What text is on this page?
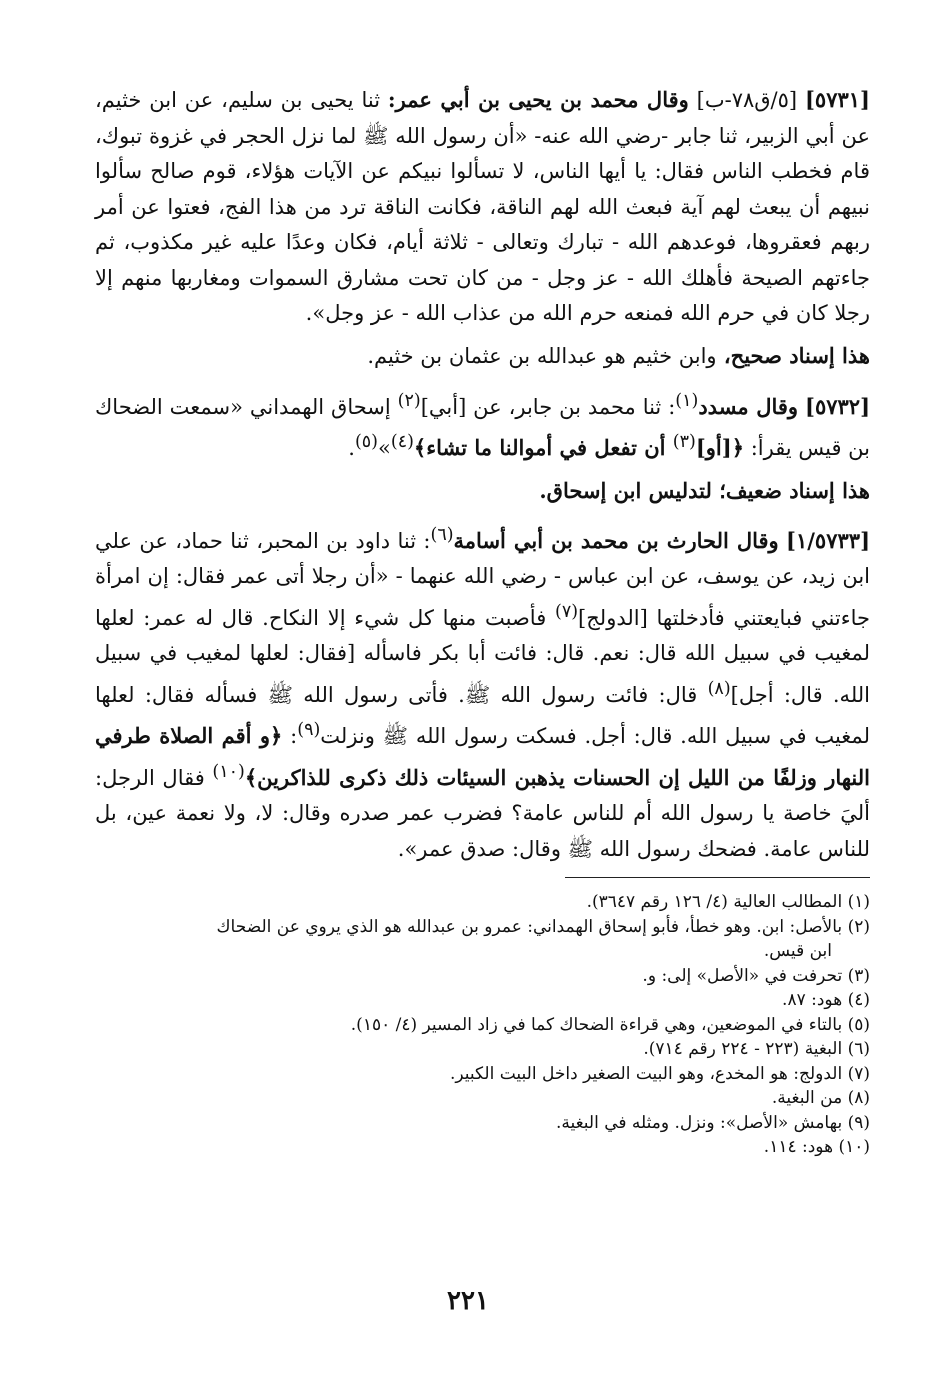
[٥٧٣١] [٥/ق٧٨-ب] وقال محمد بن يحيى بن أبي عمر: ثنا يحيى بن سليم، عن ابن خثيم، عن أبي الزبير، ثنا جابر -رضي الله عنه- «أن رسول الله ﷺ لما نزل الحجر في غزوة تبوك، قام فخطب الناس فقال: يا أيها الناس، لا تسألوا نبيكم عن الآيات هؤلاء، قوم صالح سألوا نبيهم أن يبعث لهم آية فبعث الله لهم الناقة، فكانت الناقة ترد من هذا الفج، فعتوا عن أمر ربهم فعقروها، فوعدهم الله - تبارك وتعالى - ثلاثة أيام، فكان وعدًا عليه غير مكذوب، ثم جاءتهم الصيحة فأهلك الله - عز وجل - من كان تحت مشارق السموات ومغاربها منهم إلا رجلا كان في حرم الله فمنعه حرم الله من عذاب الله - عز وجل».

هذا إسناد صحيح، وابن خثيم هو عبدالله بن عثمان بن خثيم.

[٥٧٣٢] وقال مسدد$^{(١)}$: ثنا محمد بن جابر، عن [أبي]$^{(٢)}$ إسحاق الهمداني «سمعت الضحاك بن قيس يقرأ: ﴿[أو]$^{(٣)}$ أن تفعل في أموالنا ما تشاء﴾$^{(٤)}$»$^{(٥)}$.

هذا إسناد ضعيف؛ لتدليس ابن إسحاق.

[١/٥٧٣٣] وقال الحارث بن محمد بن أبي أسامة$^{(٦)}$: ثنا داود بن المحبر، ثنا حماد، عن علي ابن زيد، عن يوسف، عن ابن عباس - رضي الله عنهما - «أن رجلا أتى عمر فقال: إن امرأة جاءتني فبايعتني فأدخلتها [الدولج]$^{(٧)}$ فأصبت منها كل شيء إلا النكاح. قال له عمر: لعلها لمغيب في سبيل الله قال: نعم. قال: فائت أبا بكر فاسأله [فقال: لعلها لمغيب في سبيل الله. قال: أجل]$^{(٨)}$ قال: فائت رسول الله ﷺ. فأتى رسول الله ﷺ فسأله فقال: لعلها لمغيب في سبيل الله. قال: أجل. فسكت رسول الله ﷺ ونزلت$^{(٩)}$: ﴿و أقم الصلاة طرفي النهار وزلفًا من الليل إن الحسنات يذهبن السيئات ذلك ذكرى للذاكرين﴾$^{(١٠)}$ فقال الرجل: أليَ خاصة يا رسول الله أم للناس عامة؟ فضرب عمر صدره وقال: لا، ولا نعمة عين، بل للناس عامة. فضحك رسول الله ﷺ وقال: صدق عمر».

(١) المطالب العالية (٤/ ١٢٦ رقم ٣٦٤٧).

(٢) بالأصل: ابن. وهو خطأ، فأبو إسحاق الهمداني: عمرو بن عبدالله هو الذي يروي عن الضحاك

ابن قيس.

(٣) تحرفت في «الأصل» إلى: و.

(٤) هود: ٨٧.

(٥) بالتاء في الموضعين، وهي قراءة الضحاك كما في زاد المسير (٤/ ١٥٠).

(٦) البغية (٢٢٣ - ٢٢٤ رقم ٧١٤).

(٧) الدولج: هو المخدع، وهو البيت الصغير داخل البيت الكبير.

(٨) من البغية.

(٩) بهامش «الأصل»: ونزل. ومثله في البغية.

(١٠) هود: ١١٤.

٢٢١
